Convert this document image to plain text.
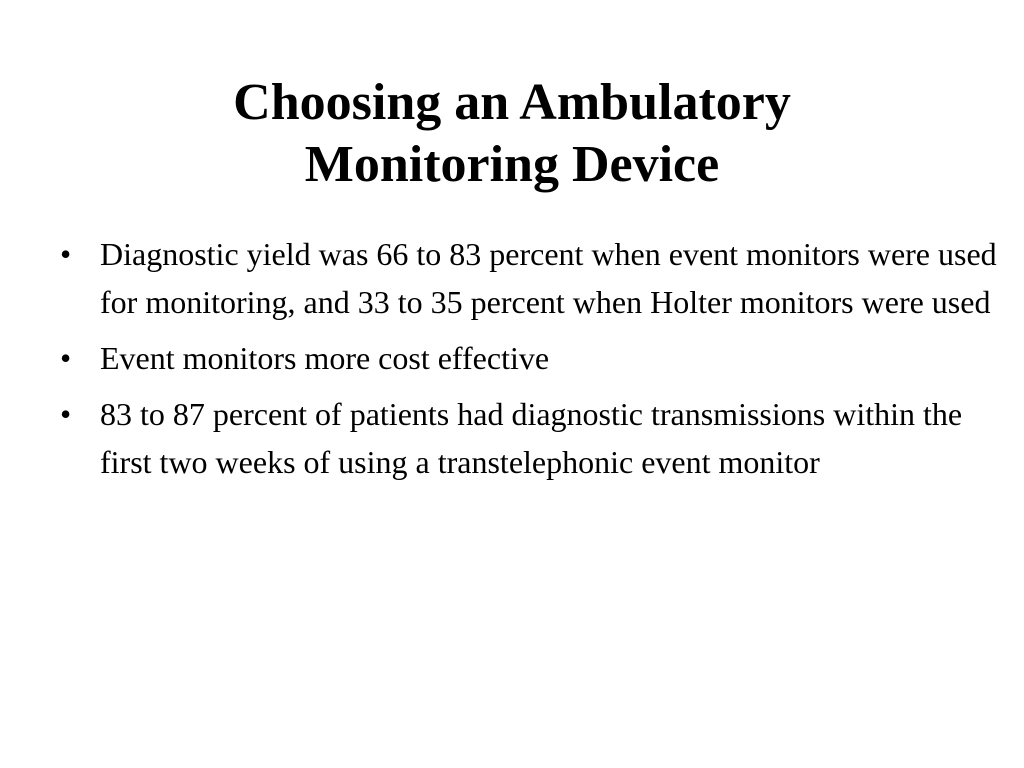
Choosing an Ambulatory
Monitoring Device
• Diagnostic yield was 66 to 83 percent when event monitors were used for monitoring, and 33 to 35 percent when Holter monitors were used
• Event monitors more cost effective
• 83 to 87 percent of patients had diagnostic transmissions within the first two weeks of using a transtelephonic event monitor
